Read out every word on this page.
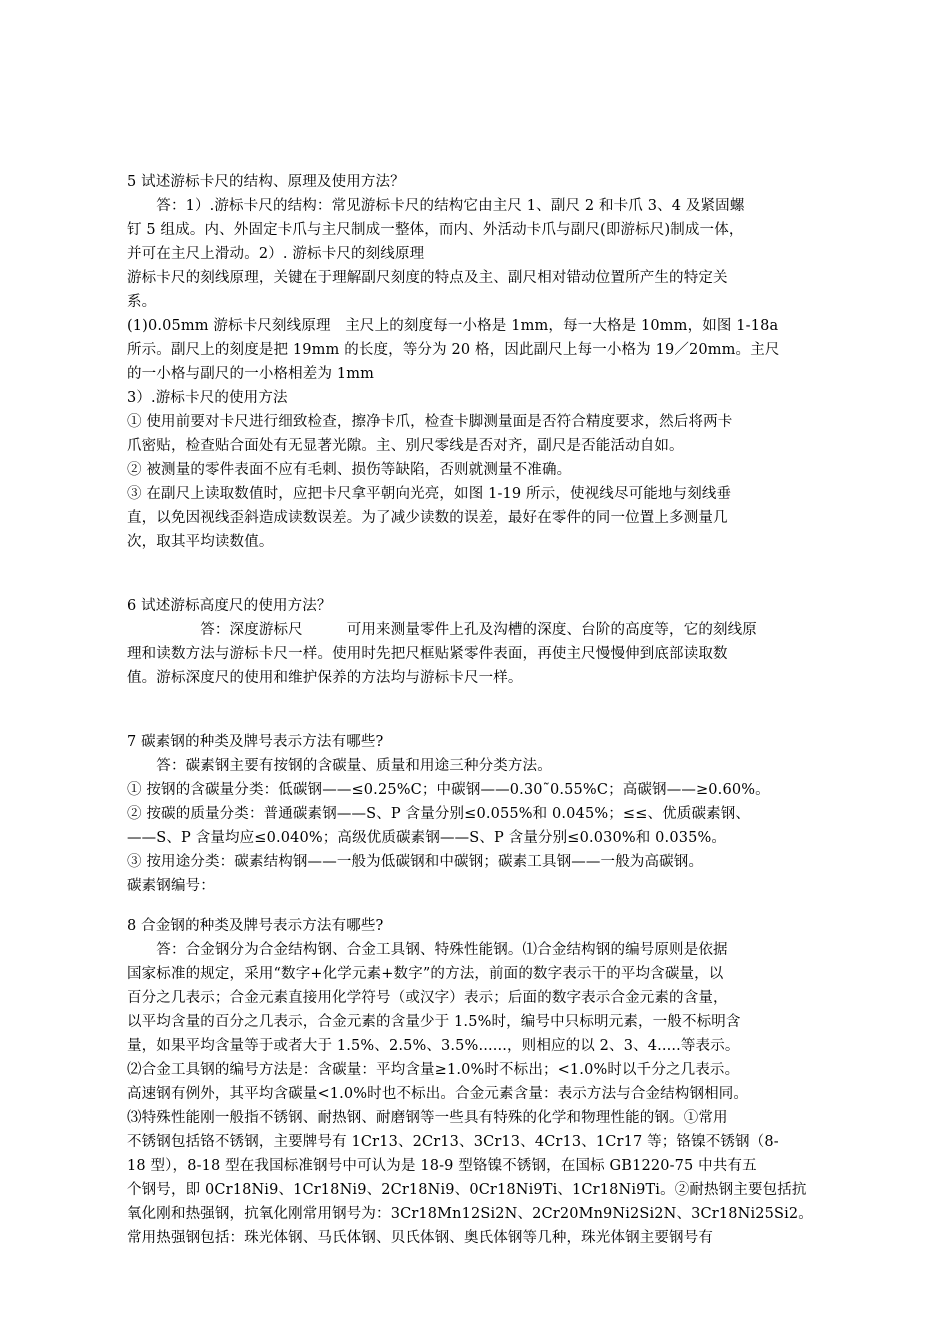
5 试述游标卡尺的结构、原理及使用方法？
　　答：1）.游标卡尺的结构：常见游标卡尺的结构它由主尺 1、副尺 2 和卡爪 3、4 及紧固螺
钉 5 组成。内、外固定卡爪与主尺制成一整体，而内、外活动卡爪与副尺(即游标尺)制成一体，
并可在主尺上滑动。2）. 游标卡尺的刻线原理
游标卡尺的刻线原理，关键在于理解副尺刻度的特点及主、副尺相对错动位置所产生的特定关
系。
(1)0.05mm 游标卡尺刻线原理　主尺上的刻度每一小格是 1mm，每一大格是 10mm，如图 1-18a
所示。副尺上的刻度是把 19mm 的长度，等分为 20 格，因此副尺上每一小格为 19／20mm。主尺
的一小格与副尺的一小格相差为 1mm
3）.游标卡尺的使用方法
① 使用前要对卡尺进行细致检查，擦净卡爪，检查卡脚测量面是否符合精度要求，然后将两卡
爪密贴，检查贴合面处有无显著光隙。主、别尺零线是否对齐，副尺是否能活动自如。
② 被测量的零件表面不应有毛刺、损伤等缺陷，否则就测量不准确。
③ 在副尺上读取数值时，应把卡尺拿平朝向光亮，如图 1-19 所示，使视线尽可能地与刻线垂
直，以免因视线歪斜造成读数误差。为了减少读数的误差，最好在零件的同一位置上多测量几
次，取其平均读数值。
6 试述游标高度尺的使用方法？
　　　　　答：深度游标尺　　　可用来测量零件上孔及沟槽的深度、台阶的高度等，它的刻线原
理和读数方法与游标卡尺一样。使用时先把尺框贴紧零件表面，再使主尺慢慢伸到底部读取数
值。游标深度尺的使用和维护保养的方法均与游标卡尺一样。
7 碳素钢的种类及牌号表示方法有哪些?
　　答：碳素钢主要有按钢的含碳量、质量和用途三种分类方法。
① 按钢的含碳量分类：低碳钢——≤0.25%C；中碳钢——0.30˜0.55%C；高碳钢——≥0.60%。
② 按碳的质量分类：普通碳素钢——S、P 含量分别≤0.055%和 0.045%；≤≤、优质碳素钢、
——S、P 含量均应≤0.040%；高级优质碳素钢——S、P 含量分别≤0.030%和 0.035%。
③ 按用途分类：碳素结构钢——一般为低碳钢和中碳钢；碳素工具钢——一般为高碳钢。
碳素钢编号：
8 合金钢的种类及牌号表示方法有哪些?
　　答：合金钢分为合金结构钢、合金工具钢、特殊性能钢。⑴合金结构钢的编号原则是依据
国家标准的规定，采用“数字+化学元素+数字”的方法，前面的数字表示干的平均含碳量，以
百分之几表示；合金元素直接用化学符号（或汉字）表示；后面的数字表示合金元素的含量，
以平均含量的百分之几表示，合金元素的含量少于 1.5%时，编号中只标明元素，一般不标明含
量，如果平均含量等于或者大于 1.5%、2.5%、3.5%......，则相应的以 2、3、4.....等表示。
⑵合金工具钢的编号方法是：含碳量：平均含量≥1.0%时不标出；<1.0%时以千分之几表示。
高速钢有例外，其平均含碳量<1.0%时也不标出。合金元素含量：表示方法与合金结构钢相同。
⑶特殊性能刚一般指不锈钢、耐热钢、耐磨钢等一些具有特殊的化学和物理性能的钢。①常用
不锈钢包括铬不锈钢，主要牌号有 1Cr13、2Cr13、3Cr13、4Cr13、1Cr17 等；铬镍不锈钢（8-
18 型），8-18 型在我国标准钢号中可认为是 18-9 型铬镍不锈钢，在国标 GB1220-75 中共有五
个钢号，即 0Cr18Ni9、1Cr18Ni9、2Cr18Ni9、0Cr18Ni9Ti、1Cr18Ni9Ti。②耐热钢主要包括抗
氧化刚和热强钢，抗氧化刚常用钢号为：3Cr18Mn12Si2N、2Cr20Mn9Ni2Si2N、3Cr18Ni25Si2。
常用热强钢包括：珠光体钢、马氏体钢、贝氏体钢、奥氏体钢等几种，珠光体钢主要钢号有
